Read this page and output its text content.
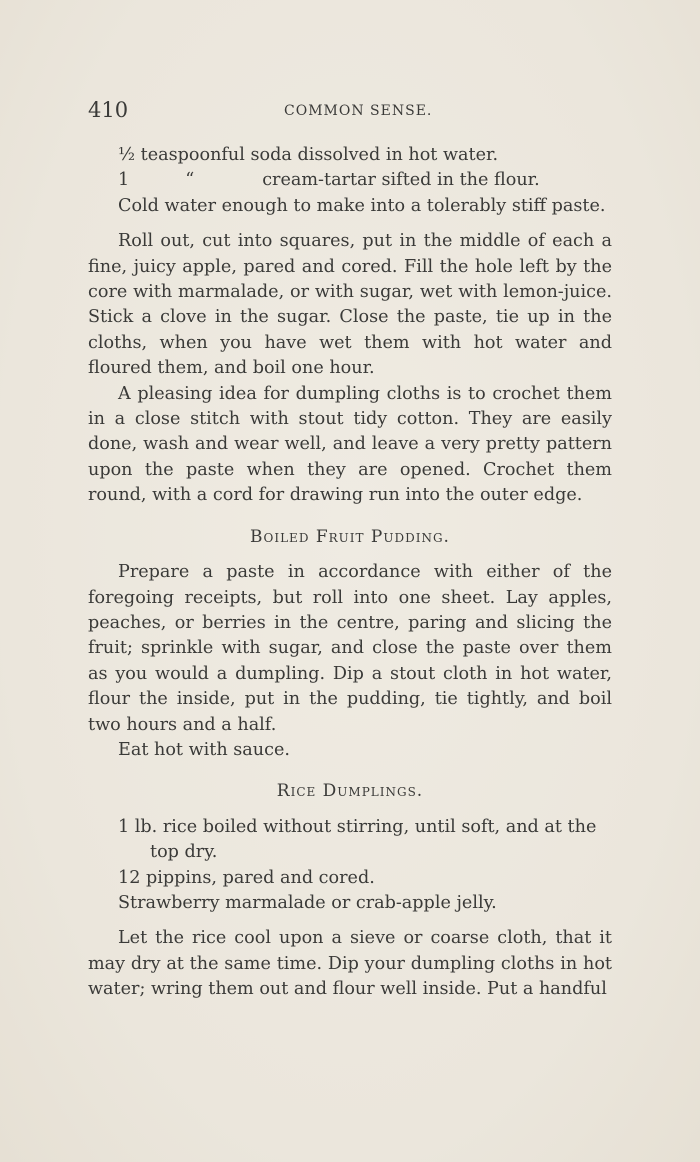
410	COMMON SENSE.

½ teaspoonful soda dissolved in hot water.

1	“	cream-tartar sifted in the flour.

Cold water enough to make into a tolerably stiff paste.

Roll out, cut into squares, put in the middle of each a fine, juicy apple, pared and cored. Fill the hole left by the core with marmalade, or with sugar, wet with lemon-juice. Stick a clove in the sugar. Close the paste, tie up in the cloths, when you have wet them with hot water and floured them, and boil one hour.

A pleasing idea for dumpling cloths is to crochet them in a close stitch with stout tidy cotton. They are easily done, wash and wear well, and leave a very pretty pattern upon the paste when they are opened. Crochet them round, with a cord for drawing run into the outer edge.

Boiled Fruit Pudding.

Prepare a paste in accordance with either of the foregoing receipts, but roll into one sheet. Lay apples, peaches, or berries in the centre, paring and slicing the fruit; sprinkle with sugar, and close the paste over them as you would a dumpling. Dip a stout cloth in hot water, flour the inside, put in the pudding, tie tightly, and boil two hours and a half.

Eat hot with sauce.

Rice Dumplings.

1 lb. rice boiled without stirring, until soft, and at the top dry.

12 pippins, pared and cored.

Strawberry marmalade or crab-apple jelly.

Let the rice cool upon a sieve or coarse cloth, that it may dry at the same time. Dip your dumpling cloths in hot water; wring them out and flour well inside. Put a handful
